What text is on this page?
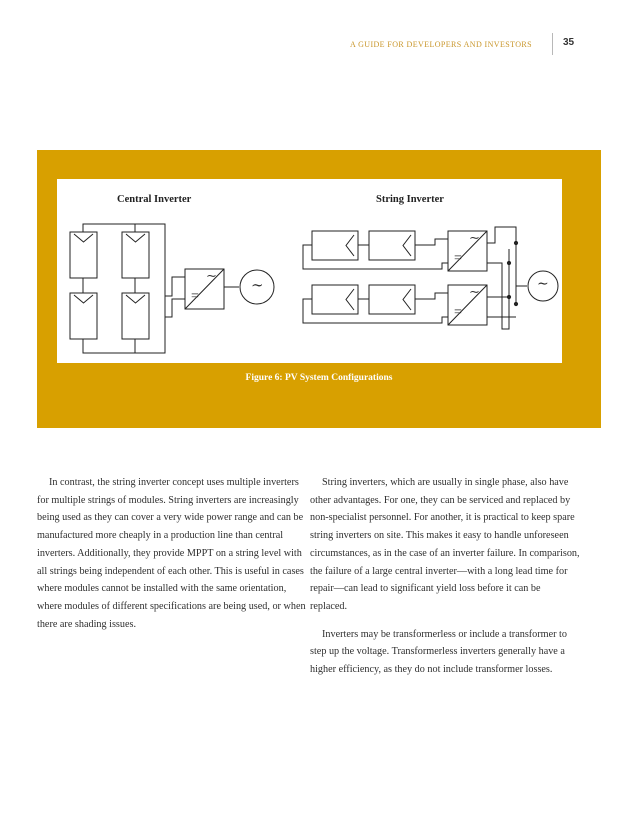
A GUIDE FOR DEVELOPERS AND INVESTORS	35
Central Inverter	String Inverter
∼
=
∼
∼
=
∼
=
∼
Figure 6: PV System Configurations

In contrast, the string inverter concept uses multiple inverters for multiple strings of modules. String inverters are increasingly being used as they can cover a very wide power range and can be manufactured more cheaply in a production line than central inverters. Additionally, they provide MPPT on a string level with all strings being independent of each other. This is useful in cases where modules cannot be installed with the same orientation, where modules of different specifications are being used, or when there are shading issues.

String inverters, which are usually in single phase, also have other advantages. For one, they can be serviced and replaced by non-specialist personnel. For another, it is practical to keep spare string inverters on site. This makes it easy to handle unforeseen circumstances, as in the case of an inverter failure. In comparison, the failure of a large central inverter—with a long lead time for repair—can lead to significant yield loss before it can be replaced.

Inverters may be transformerless or include a transformer to step up the voltage. Transformerless inverters generally have a higher efficiency, as they do not include transformer losses.
